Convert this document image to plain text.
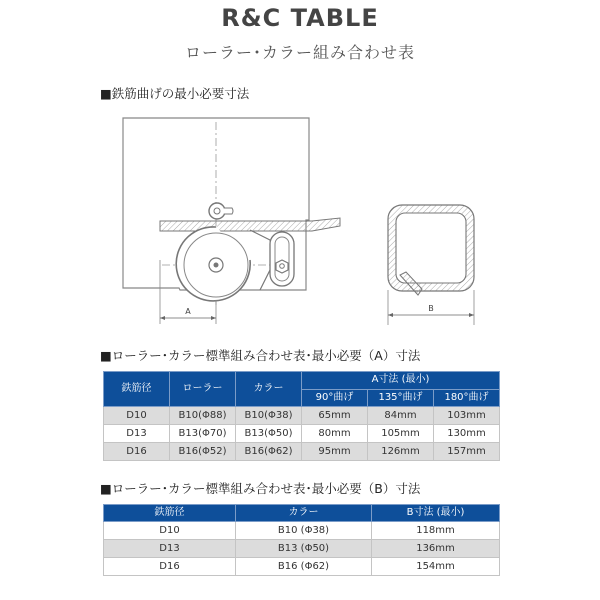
R&C TABLE
ローラー･カラー組み合わせ表
■鉄筋曲げの最小必要寸法
A	B
■ローラー･カラー標準組み合わせ表･最小必要（A）寸法
鉄筋径	ローラー	カラー	A寸法 (最小)		
			90°曲げ	135°曲げ	180°曲げ
D10	B10(Φ88)	B10(Φ38)	65mm	84mm	103mm
D13	B13(Φ70)	B13(Φ50)	80mm	105mm	130mm
D16	B16(Φ52)	B16(Φ62)	95mm	126mm	157mm
■ローラー･カラー標準組み合わせ表･最小必要（B）寸法
鉄筋径	カラー	B寸法 (最小)
D10	B10 (Φ38)	118mm
D13	B13 (Φ50)	136mm
D16	B16 (Φ62)	154mm
